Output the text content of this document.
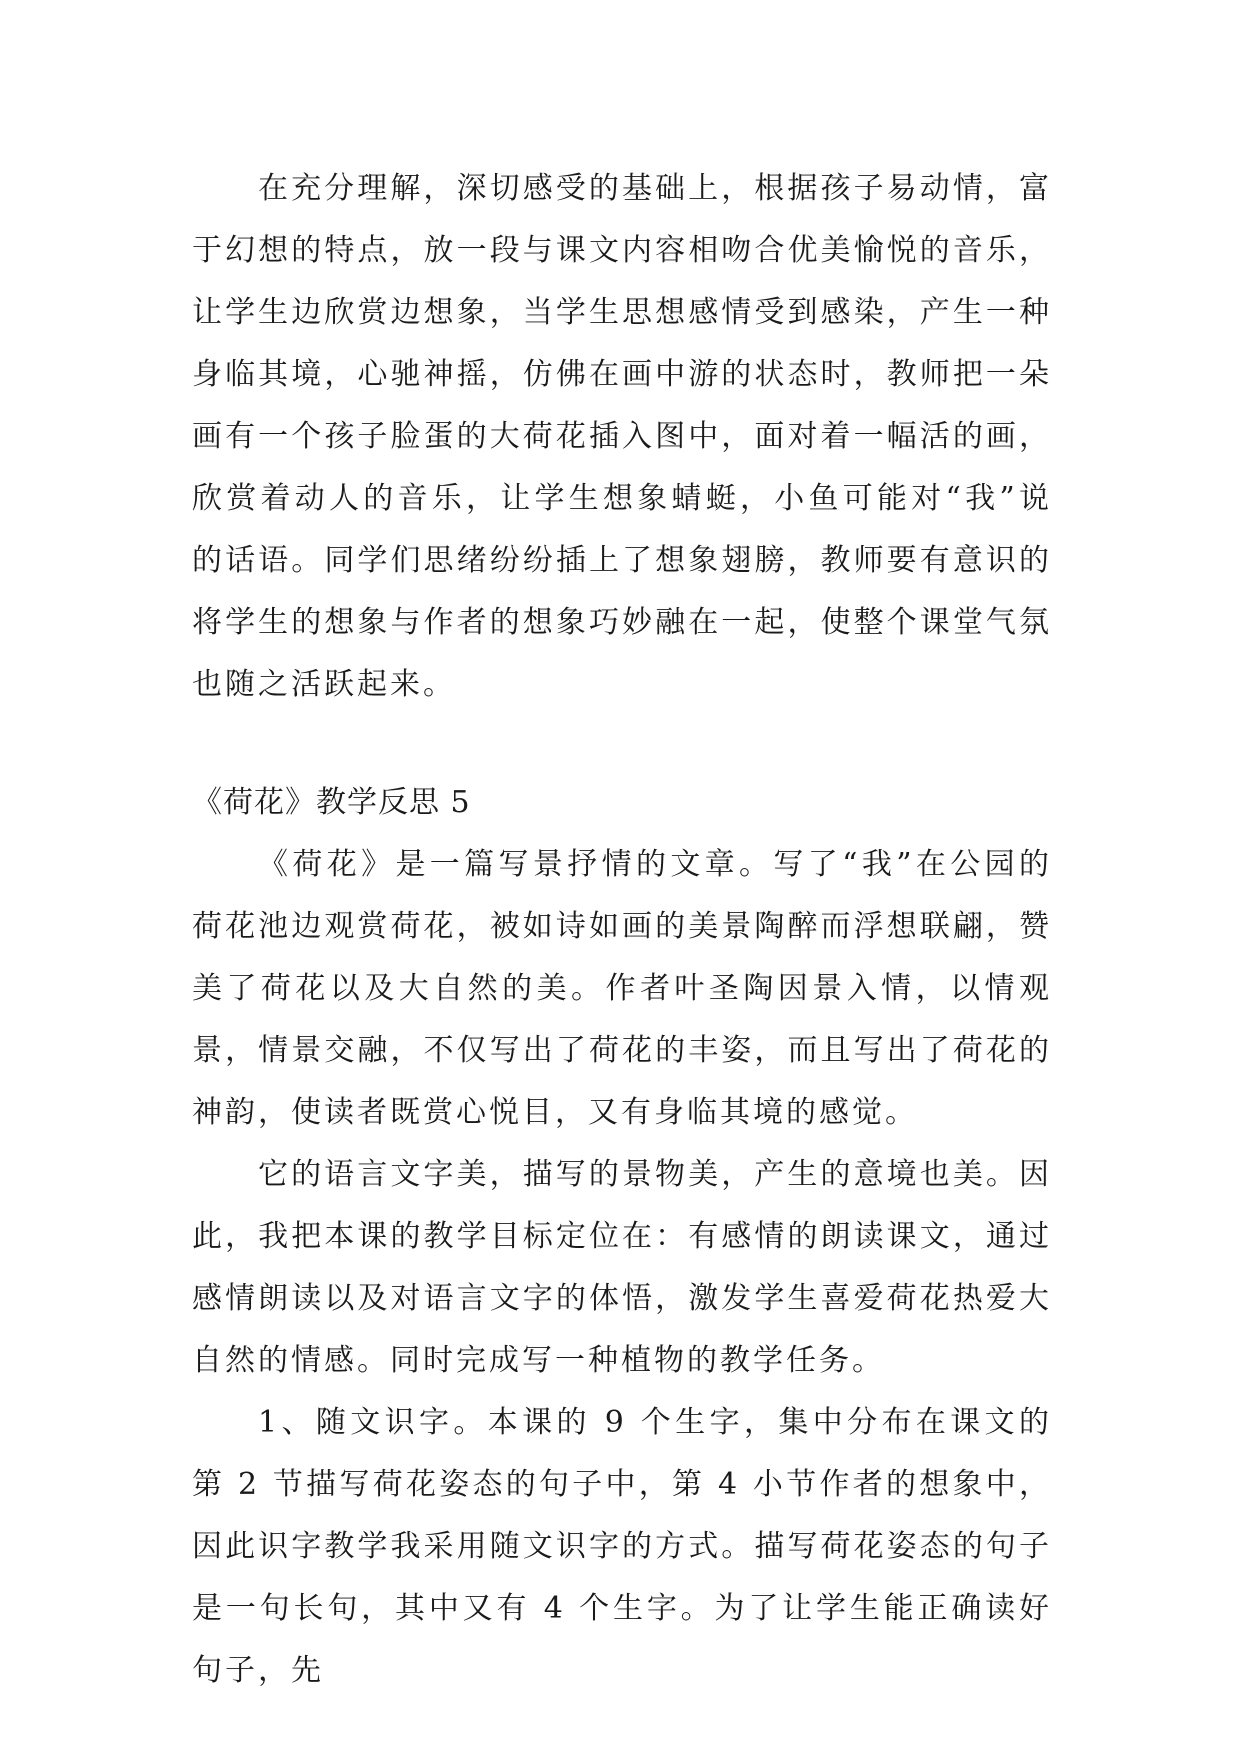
在充分理解，深切感受的基础上，根据孩子易动情，富于幻想的特点，放一段与课文内容相吻合优美愉悦的音乐，让学生边欣赏边想象，当学生思想感情受到感染，产生一种身临其境，心驰神摇，仿佛在画中游的状态时，教师把一朵画有一个孩子脸蛋的大荷花插入图中，面对着一幅活的画，欣赏着动人的音乐，让学生想象蜻蜓，小鱼可能对“我”说的话语。同学们思绪纷纷插上了想象翅膀，教师要有意识的将学生的想象与作者的想象巧妙融在一起，使整个课堂气氛也随之活跃起来。

《荷花》教学反思 5

《荷花》是一篇写景抒情的文章。写了“我”在公园的荷花池边观赏荷花，被如诗如画的美景陶醉而浮想联翩，赞美了荷花以及大自然的美。作者叶圣陶因景入情，以情观景，情景交融，不仅写出了荷花的丰姿，而且写出了荷花的神韵，使读者既赏心悦目，又有身临其境的感觉。

它的语言文字美，描写的景物美，产生的意境也美。因此，我把本课的教学目标定位在：有感情的朗读课文，通过感情朗读以及对语言文字的体悟，激发学生喜爱荷花热爱大自然的情感。同时完成写一种植物的教学任务。

1、随文识字。本课的 9 个生字，集中分布在课文的第 2 节描写荷花姿态的句子中，第 4 小节作者的想象中，因此识字教学我采用随文识字的方式。描写荷花姿态的句子是一句长句，其中又有 4 个生字。为了让学生能正确读好句子，先
